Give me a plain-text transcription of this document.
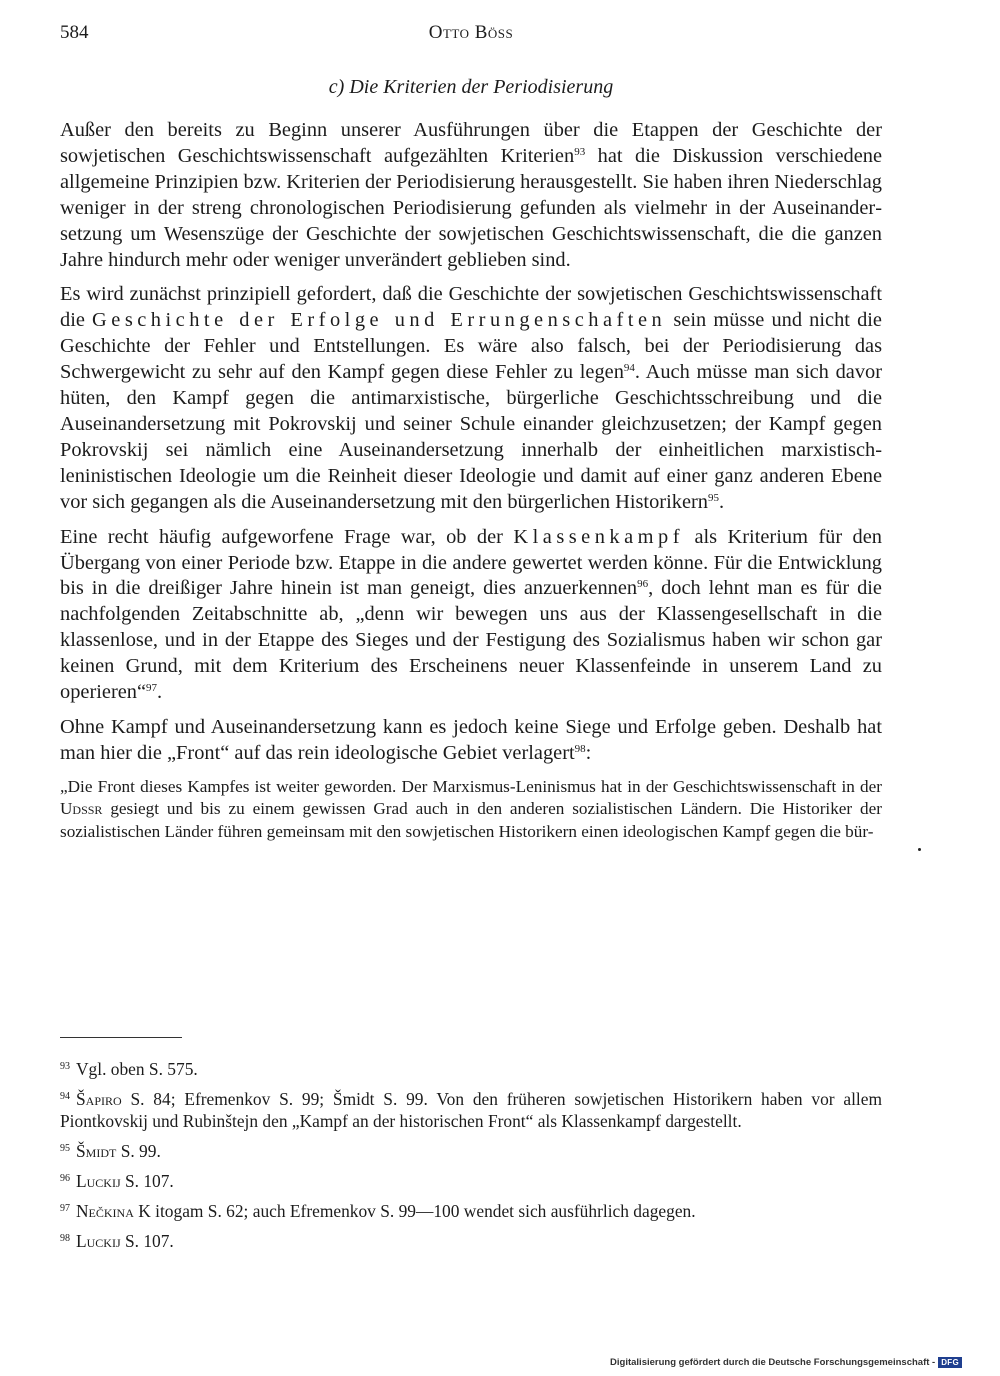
584	Otto Böss
c) Die Kriterien der Periodisierung

Außer den bereits zu Beginn unserer Ausführungen über die Etappen der Geschichte der sowjetischen Geschichtswissenschaft aufgezählten Kriterien$^{93}$ hat die Diskussion verschiedene allgemeine Prinzipien bzw. Kriterien der Periodisierung herausgestellt. Sie haben ihren Niederschlag weniger in der streng chronologischen Periodisierung gefunden als vielmehr in der Auseinandersetzung um Wesenszüge der Geschichte der sowjetischen Geschichtswissenschaft, die die ganzen Jahre hindurch mehr oder weniger unverändert geblieben sind.

Es wird zunächst prinzipiell gefordert, daß die Geschichte der sowjetischen Geschichtswissenschaft die Geschichte der Erfolge und Errungenschaften sein müsse und nicht die Geschichte der Fehler und Entstellungen. Es wäre also falsch, bei der Periodisierung das Schwergewicht zu sehr auf den Kampf gegen diese Fehler zu legen$^{94}$. Auch müsse man sich davor hüten, den Kampf gegen die antimarxistische, bürgerliche Geschichtsschreibung und die Auseinandersetzung mit Pokrovskij und seiner Schule einander gleichzusetzen; der Kampf gegen Pokrovskij sei nämlich eine Auseinandersetzung innerhalb der einheitlichen marxistisch-leninistischen Ideologie um die Reinheit dieser Ideologie und damit auf einer ganz anderen Ebene vor sich gegangen als die Auseinandersetzung mit den bürgerlichen Historikern$^{95}$.

Eine recht häufig aufgeworfene Frage war, ob der Klassenkampf als Kriterium für den Übergang von einer Periode bzw. Etappe in die andere gewertet werden könne. Für die Entwicklung bis in die dreißiger Jahre hinein ist man geneigt, dies anzuerkennen$^{96}$, doch lehnt man es für die nachfolgenden Zeitabschnitte ab, „denn wir bewegen uns aus der Klassengesellschaft in die klassenlose, und in der Etappe des Sieges und der Festigung des Sozialismus haben wir schon gar keinen Grund, mit dem Kriterium des Erscheinens neuer Klassenfeinde in unserem Land zu operieren“$^{97}$.

Ohne Kampf und Auseinandersetzung kann es jedoch keine Siege und Erfolge geben. Deshalb hat man hier die „Front“ auf das rein ideologische Gebiet verlagert$^{98}$:

„Die Front dieses Kampfes ist weiter geworden. Der Marxismus-Leninismus hat in der Geschichtswissenschaft in der Udssr gesiegt und bis zu einem gewissen Grad auch in den anderen sozialistischen Ländern. Die Historiker der sozialistischen Länder führen gemeinsam mit den sowjetischen Historikern einen ideologischen Kampf gegen die bür-

$^{93}$ Vgl. oben S. 575.
$^{94}$ Šapiro S. 84; Efremenkov S. 99; Šmidt S. 99. Von den früheren sowjetischen Historikern haben vor allem Piontkovskij und Rubinštejn den „Kampf an der historischen Front“ als Klassenkampf dargestellt.
$^{95}$ Šmidt S. 99.
$^{96}$ Luckij S. 107.
$^{97}$ Nečkina K itogam S. 62; auch Efremenkov S. 99—100 wendet sich ausführlich dagegen.
$^{98}$ Luckij S. 107.
Digitalisierung gefördert durch die Deutsche Forschungsgemeinschaft - DFG
